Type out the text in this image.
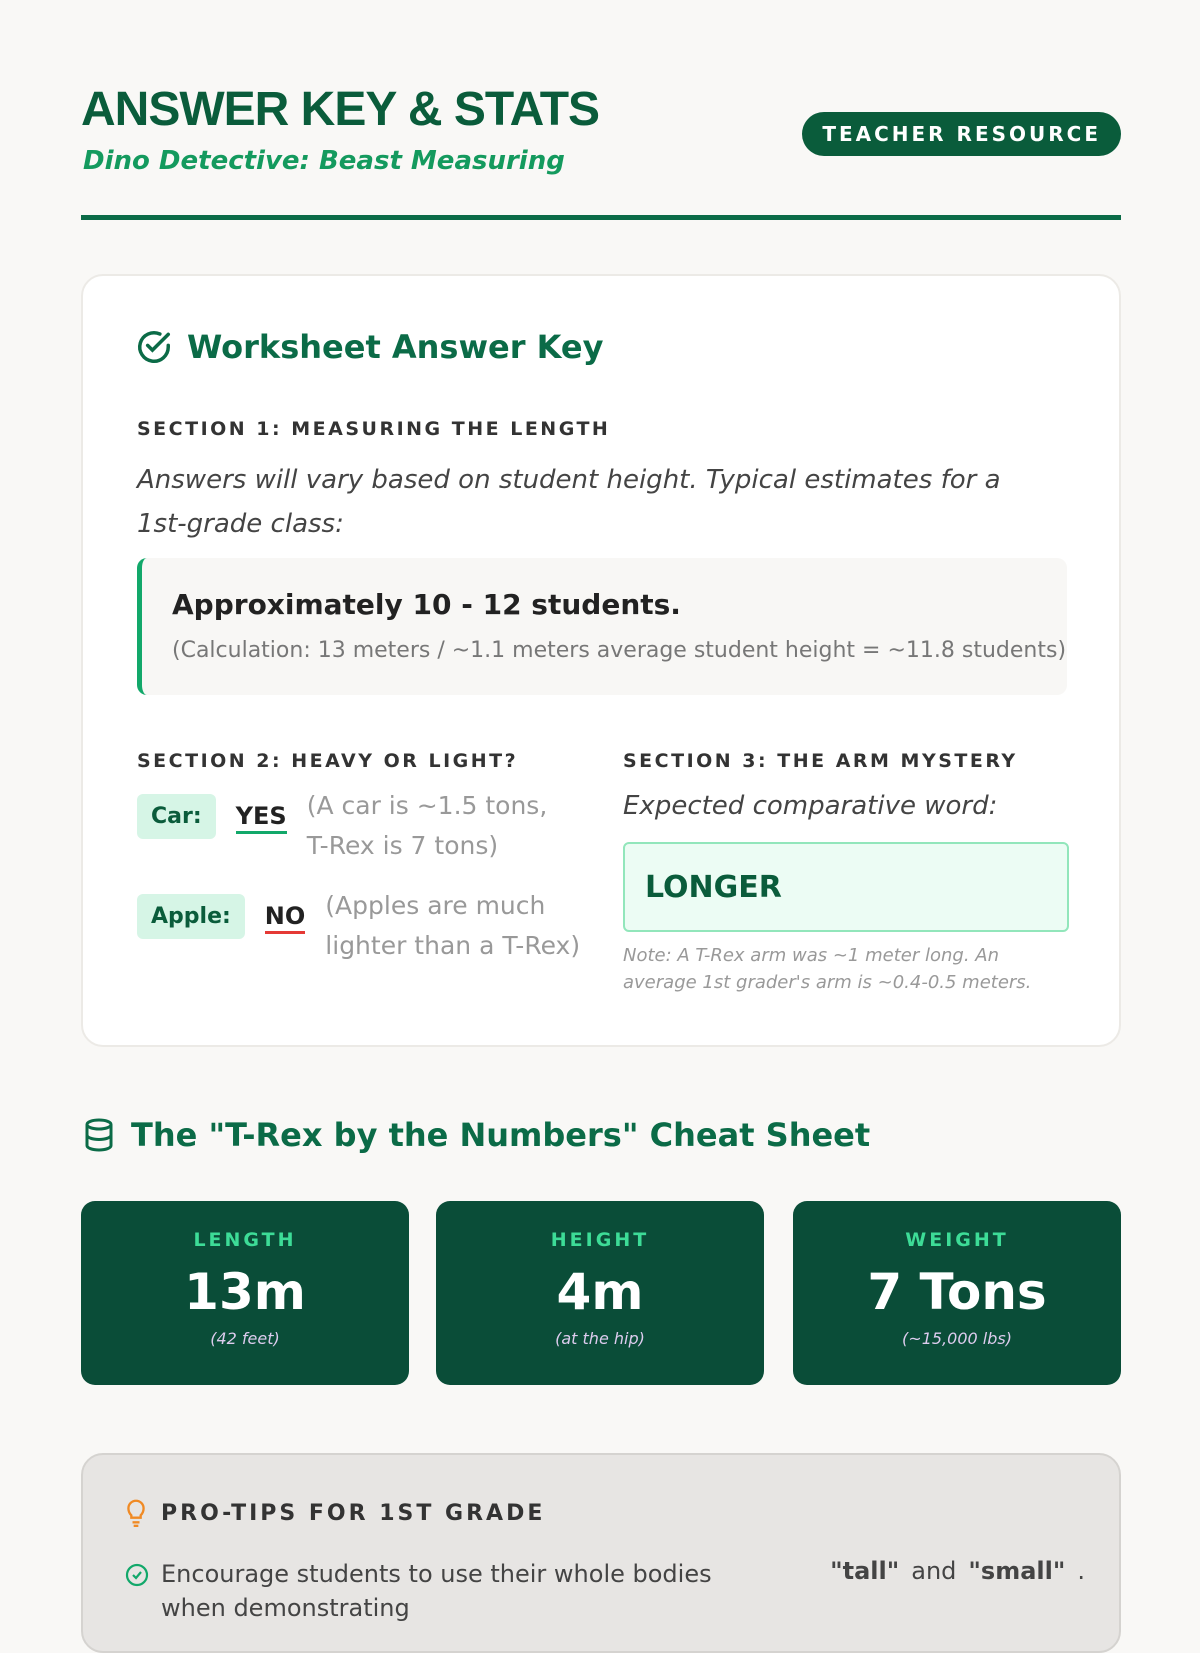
ANSWER KEY & STATS
Dino Detective: Beast Measuring
TEACHER RESOURCE
Worksheet Answer Key
SECTION 1: MEASURING THE LENGTH
Answers will vary based on student height. Typical estimates for a 1st-grade class:
Approximately 10 - 12 students.
(Calculation: 13 meters / ~1.1 meters average student height = ~11.8 students)
SECTION 2: HEAVY OR LIGHT?
Car:	YES (A car is ~1.5 tons, T-Rex is 7 tons)
Apple:	NO (Apples are much lighter than a T-Rex)
SECTION 3: THE ARM MYSTERY
Expected comparative word:
LONGER
Note: A T-Rex arm was ~1 meter long. An average 1st grader's arm is ~0.4-0.5 meters.
The "T-Rex by the Numbers" Cheat Sheet
LENGTH
13m
(42 feet)
HEIGHT
4m
(at the hip)
WEIGHT
7 Tons
(~15,000 lbs)
PRO-TIPS FOR 1ST GRADE
Encourage students to use their whole bodies when demonstrating
"tall" and "small" .
